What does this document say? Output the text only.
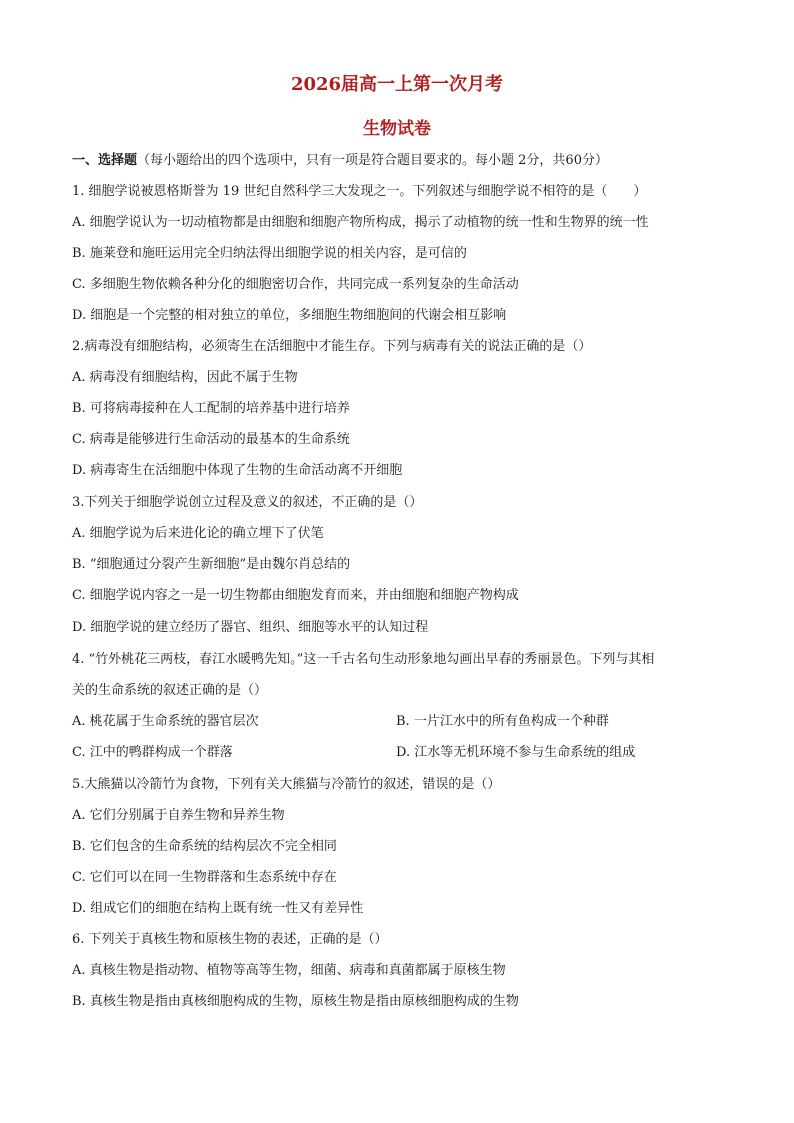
2026届高一上第一次月考
生物试卷
一、选择题（每小题给出的四个选项中，只有一项是符合题目要求的。每小题 2分，共60分）
1. 细胞学说被恩格斯誉为 19 世纪自然科学三大发现之一。下列叙述与细胞学说不相符的是（　　）
A. 细胞学说认为一切动植物都是由细胞和细胞产物所构成，揭示了动植物的统一性和生物界的统一性
B. 施莱登和施旺运用完全归纳法得出细胞学说的相关内容，是可信的
C. 多细胞生物依赖各种分化的细胞密切合作，共同完成一系列复杂的生命活动
D. 细胞是一个完整的相对独立的单位，多细胞生物细胞间的代谢会相互影响
2.病毒没有细胞结构，必须寄生在活细胞中才能生存。下列与病毒有关的说法正确的是（）
A. 病毒没有细胞结构，因此不属于生物
B. 可将病毒接种在人工配制的培养基中进行培养
C. 病毒是能够进行生命活动的最基本的生命系统
D. 病毒寄生在活细胞中体现了生物的生命活动离不开细胞
3.下列关于细胞学说创立过程及意义的叙述，不正确的是（）
A. 细胞学说为后来进化论的确立埋下了伏笔
B. “细胞通过分裂产生新细胞”是由魏尔肖总结的
C. 细胞学说内容之一是一切生物都由细胞发育而来，并由细胞和细胞产物构成
D. 细胞学说的建立经历了器官、组织、细胞等水平的认知过程
4. “竹外桃花三两枝，春江水暖鸭先知。”这一千古名句生动形象地勾画出早春的秀丽景色。下列与其相
关的生命系统的叙述正确的是（）
A. 桃花属于生命系统的器官层次	B. 一片江水中的所有鱼构成一个种群
C. 江中的鸭群构成一个群落	D. 江水等无机环境不参与生命系统的组成
5.大熊猫以冷箭竹为食物，下列有关大熊猫与冷箭竹的叙述，错误的是（）
A. 它们分别属于自养生物和异养生物
B. 它们包含的生命系统的结构层次不完全相同
C. 它们可以在同一生物群落和生态系统中存在
D. 组成它们的细胞在结构上既有统一性又有差异性
6. 下列关于真核生物和原核生物的表述，正确的是（）
A. 真核生物是指动物、植物等高等生物，细菌、病毒和真菌都属于原核生物
B. 真核生物是指由真核细胞构成的生物，原核生物是指由原核细胞构成的生物
